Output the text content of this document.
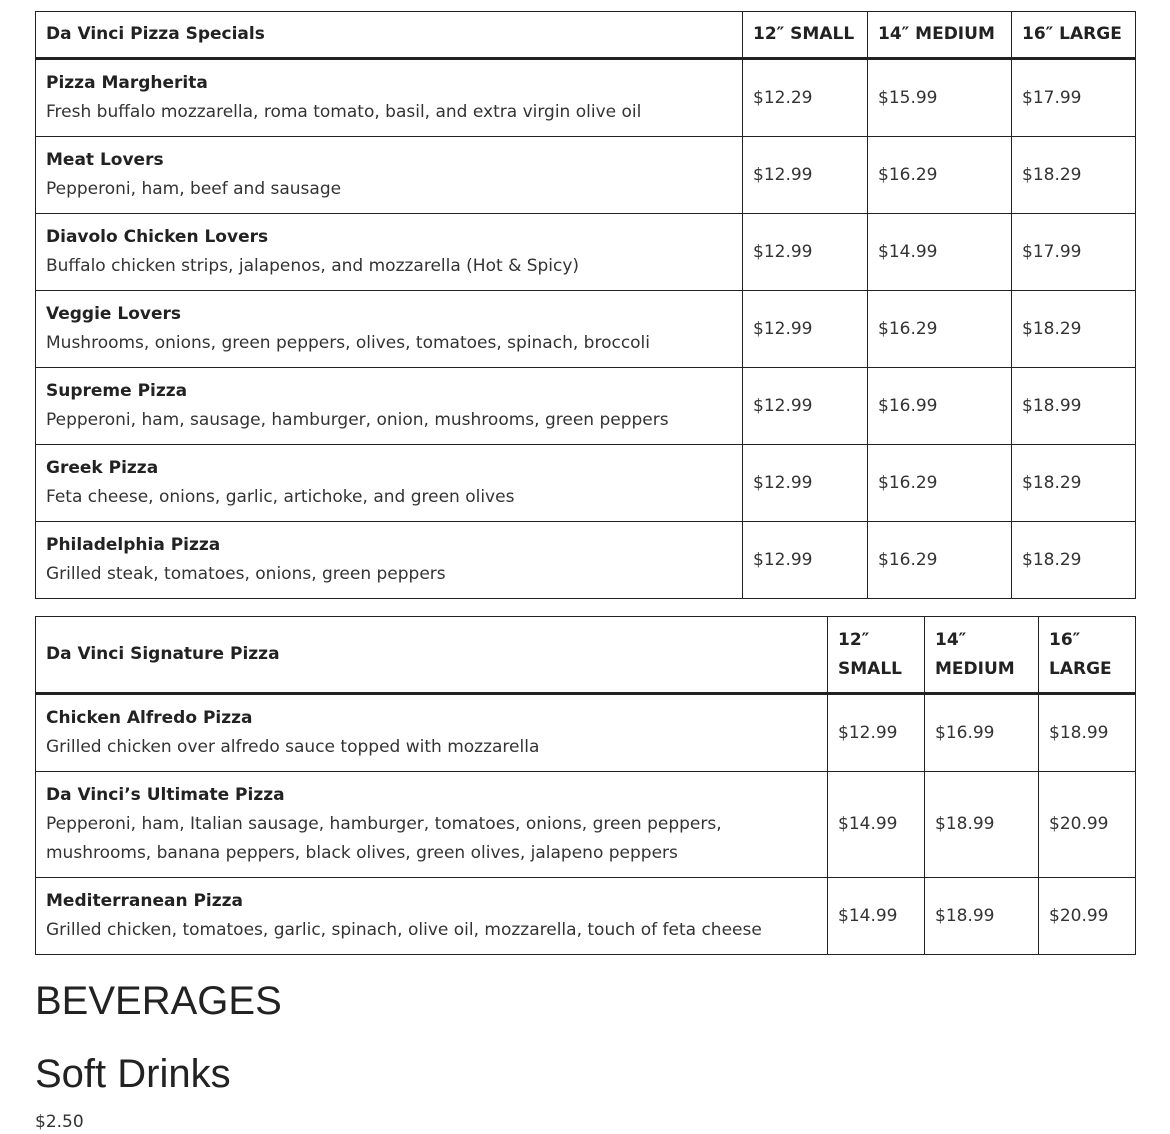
Da Vinci Pizza Specials	12″ SMALL	14″ MEDIUM	16″ LARGE

Pizza Margherita
Fresh buffalo mozzarella, roma tomato, basil, and extra virgin olive oil	$12.29	$15.99	$17.99

Meat Lovers
Pepperoni, ham, beef and sausage	$12.99	$16.29	$18.29

Diavolo Chicken Lovers
Buffalo chicken strips, jalapenos, and mozzarella (Hot & Spicy)	$12.99	$14.99	$17.99

Veggie Lovers
Mushrooms, onions, green peppers, olives, tomatoes, spinach, broccoli	$12.99	$16.29	$18.29

Supreme Pizza
Pepperoni, ham, sausage, hamburger, onion, mushrooms, green peppers	$12.99	$16.99	$18.99

Greek Pizza
Feta cheese, onions, garlic, artichoke, and green olives	$12.99	$16.29	$18.29

Philadelphia Pizza
Grilled steak, tomatoes, onions, green peppers	$12.99	$16.29	$18.29
Da Vinci Signature Pizza	12″ SMALL	14″ MEDIUM	16″ LARGE

Chicken Alfredo Pizza
Grilled chicken over alfredo sauce topped with mozzarella	$12.99	$16.99	$18.99

Da Vinci’s Ultimate Pizza
Pepperoni, ham, Italian sausage, hamburger, tomatoes, onions, green peppers, mushrooms, banana peppers, black olives, green olives, jalapeno peppers	$14.99	$18.99	$20.99

Mediterranean Pizza
Grilled chicken, tomatoes, garlic, spinach, olive oil, mozzarella, touch of feta cheese	$14.99	$18.99	$20.99
BEVERAGES
Soft Drinks

$2.50
